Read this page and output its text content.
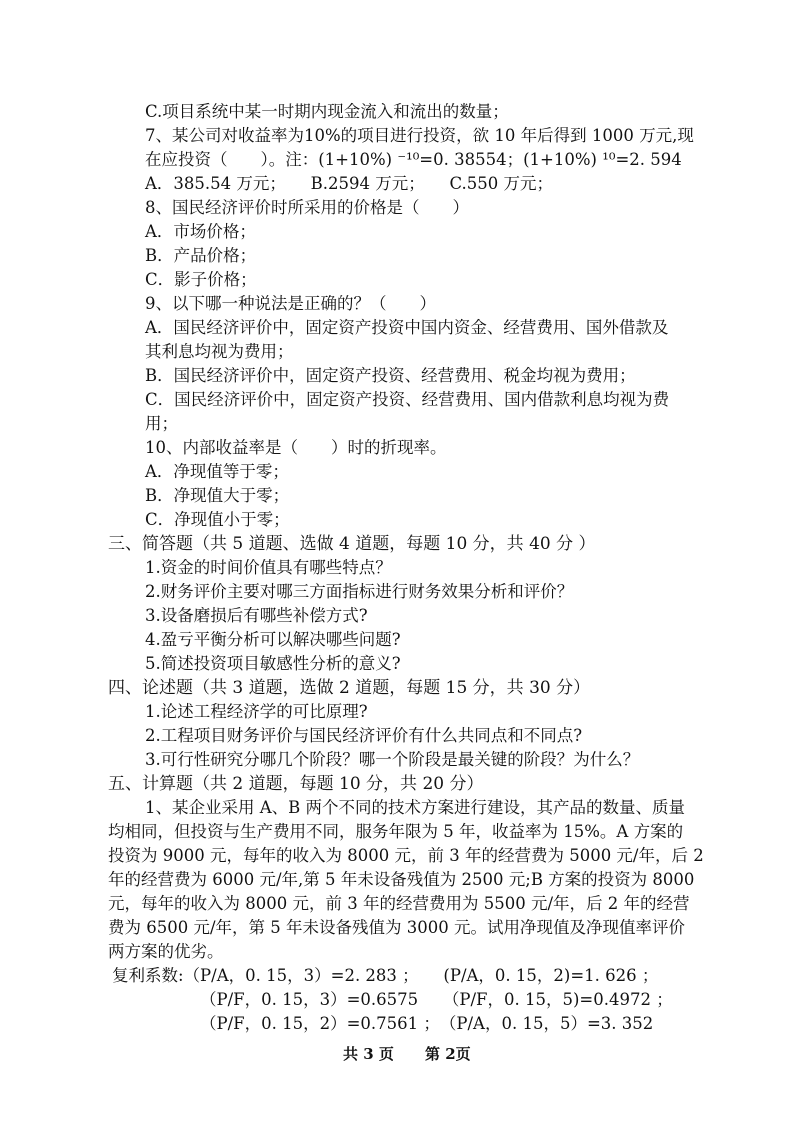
C.项目系统中某一时期内现金流入和流出的数量；
7、某公司对收益率为10%的项目进行投资，欲 10 年后得到 1000 万元,现
在应投资（　　）。注：(1+10%) ⁻¹⁰=0. 38554；(1+10%) ¹⁰=2. 594
A．385.54 万元；　　B.2594 万元；　　C.550 万元；
8、国民经济评价时所采用的价格是（　　）
A．市场价格；
B．产品价格；
C．影子价格；
9、以下哪一种说法是正确的？（　　）
A．国民经济评价中，固定资产投资中国内资金、经营费用、国外借款及
其利息均视为费用；
B．国民经济评价中，固定资产投资、经营费用、税金均视为费用；
C．国民经济评价中，固定资产投资、经营费用、国内借款利息均视为费
用；
10、内部收益率是（　　）时的折现率。
A．净现值等于零；
B．净现值大于零；
C．净现值小于零；
三、简答题（共 5 道题、选做 4 道题，每题 10 分，共 40 分 ）
1.资金的时间价值具有哪些特点？
2.财务评价主要对哪三方面指标进行财务效果分析和评价？
3.设备磨损后有哪些补偿方式?
4.盈亏平衡分析可以解决哪些问题?
5.简述投资项目敏感性分析的意义?
四、论述题（共 3 道题，选做 2 道题，每题 15 分，共 30 分）
1.论述工程经济学的可比原理?
2.工程项目财务评价与国民经济评价有什么共同点和不同点?
3.可行性研究分哪几个阶段？哪一个阶段是最关键的阶段？为什么？
五、计算题（共 2 道题，每题 10 分，共 20 分）
1、某企业采用 A、B 两个不同的技术方案进行建设，其产品的数量、质量
均相同，但投资与生产费用不同，服务年限为 5 年，收益率为 15%。A 方案的
投资为 9000 元，每年的收入为 8000 元，前 3 年的经营费为 5000 元/年，后 2
年的经营费为 6000 元/年,第 5 年未设备残值为 2500 元;B 方案的投资为 8000
元，每年的收入为 8000 元，前 3 年的经营费用为 5500 元/年，后 2 年的经营
费为 6500 元/年，第 5 年未设备残值为 3000 元。试用净现值及净现值率评价
两方案的优劣。
复利系数:（P/A，0. 15，3）=2. 283 ；　　(P/A，0. 15，2)=1. 626 ；
（P/F，0. 15，3）=0.6575　　（P/F，0. 15，5)=0.4972 ；
（P/F，0. 15，2）=0.7561 ；　（P/A，0. 15，5）=3. 352
共 3 页 第 2页
